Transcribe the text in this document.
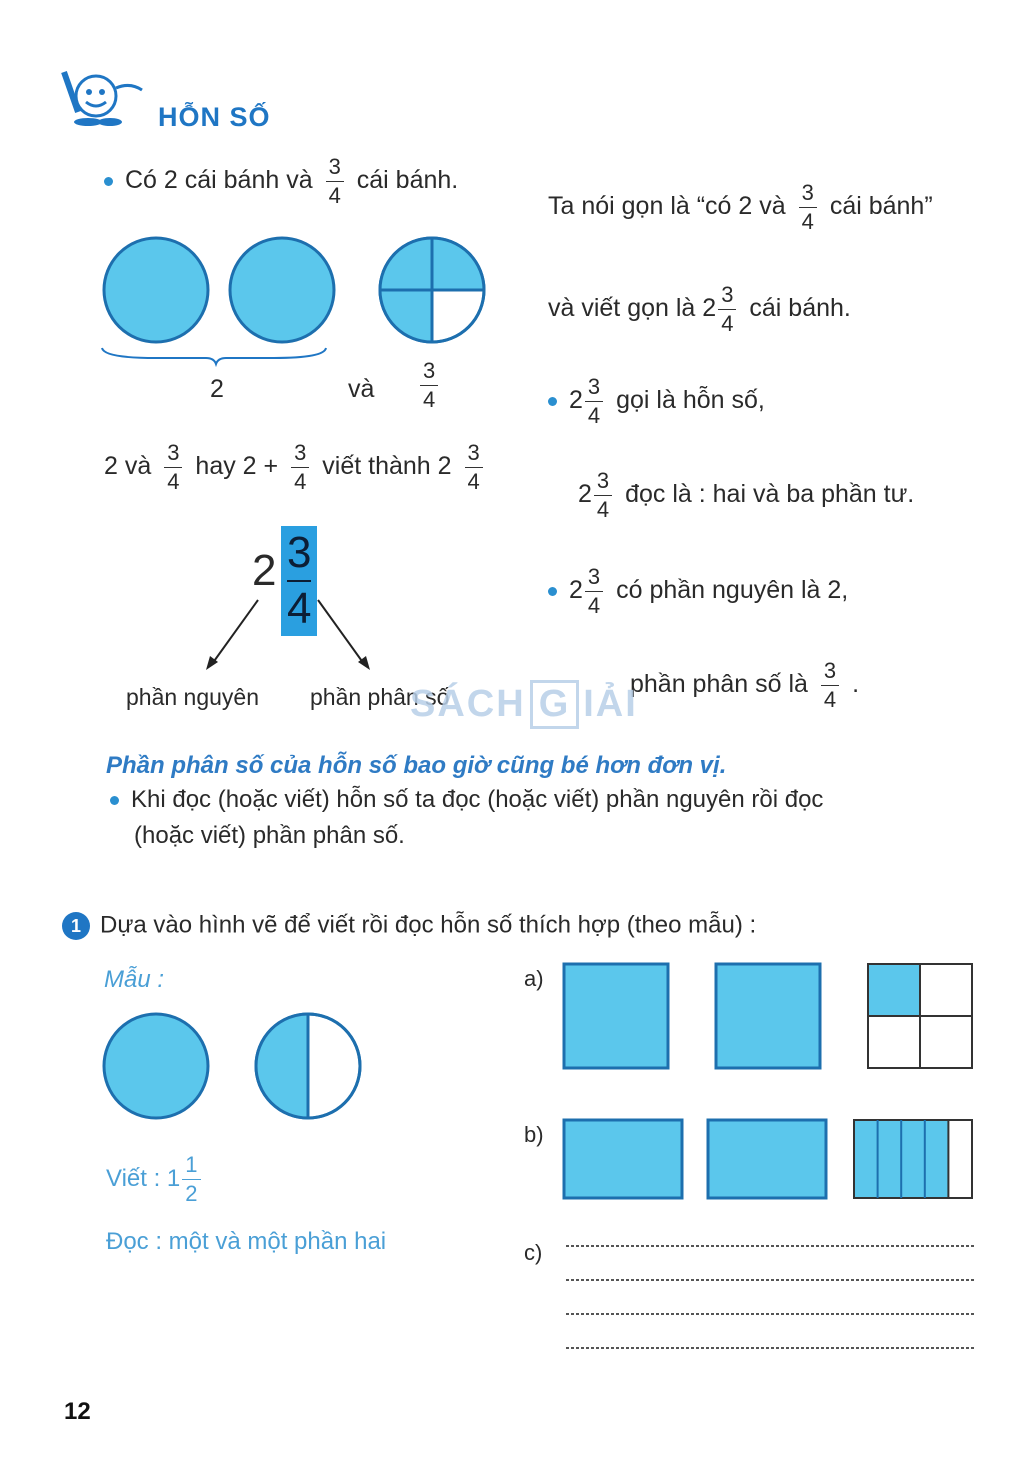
HỖN SỐ
Có 2 cái bánh và $\frac{3}{4}$ cái bánh.
2	và $\frac{3}{4}$
2 và $\frac{3}{4}$ hay $2 + \frac{3}{4}$ viết thành $2 \frac{3}{4}$
$2 \frac{3}{4}$
phần nguyên phần phân số
Ta nói gọn là “có 2 và $\frac{3}{4}$ cái bánh”
và viết gọn là $2 \frac{3}{4}$ cái bánh.
$2 \frac{3}{4}$ gọi là hỗn số,
$2 \frac{3}{4}$ đọc là : hai và ba phần tư.
$2 \frac{3}{4}$ có phần nguyên là 2,
phần phân số là $\frac{3}{4}$ .
SÁCH G IẢI
Phần phân số của hỗn số bao giờ cũng bé hơn đơn vị.
Khi đọc (hoặc viết) hỗn số ta đọc (hoặc viết) phần nguyên rồi đọc
(hoặc viết) phần phân số.
1 Dựa vào hình vẽ để viết rồi đọc hỗn số thích hợp (theo mẫu) :
Mẫu :
Viết : $1 \frac{1}{2}$
Đọc : một và một phần hai
a)
b)
c)
12
